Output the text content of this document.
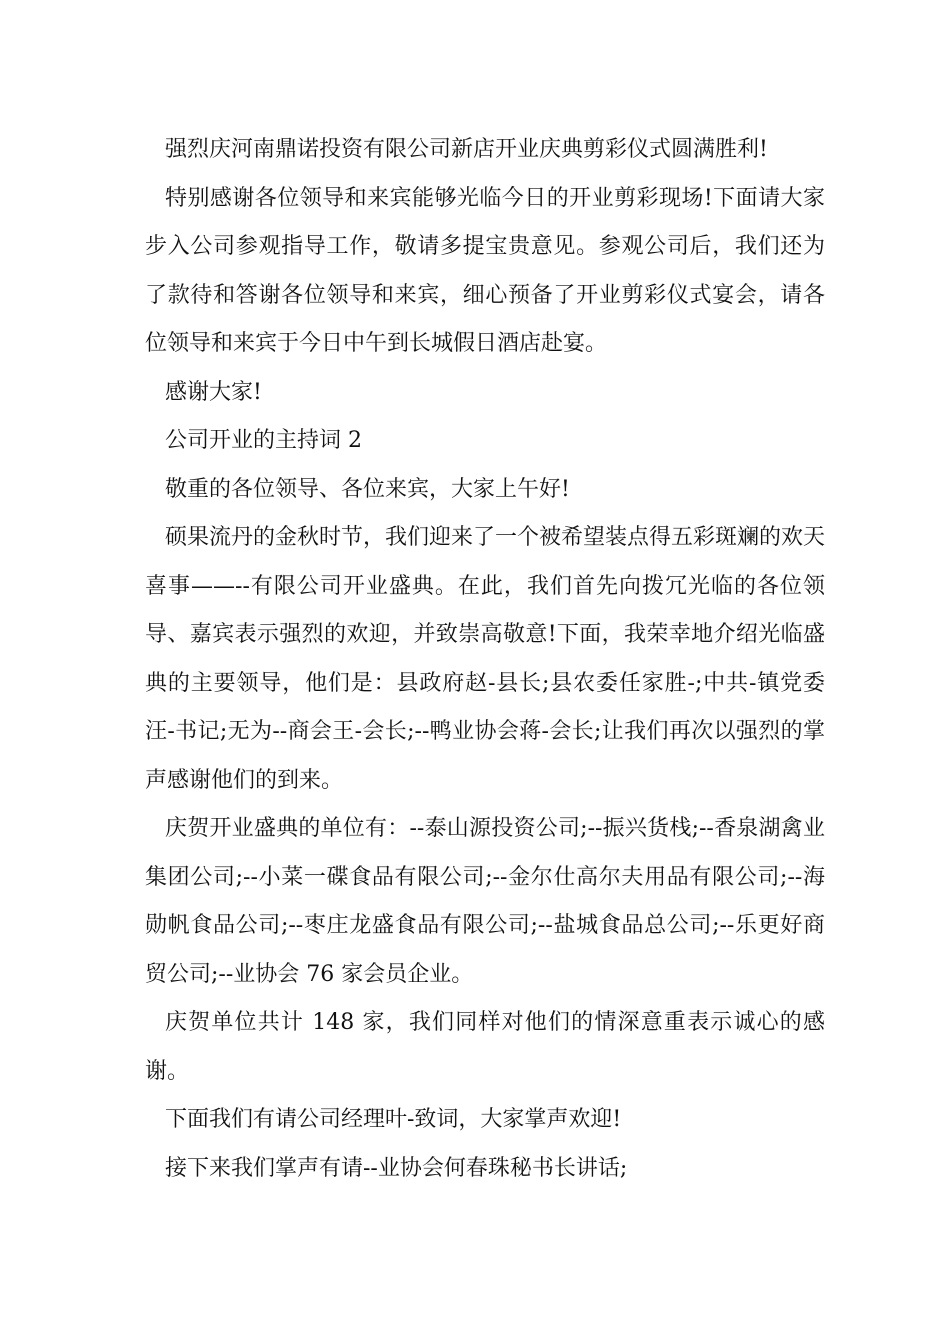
强烈庆河南鼎诺投资有限公司新店开业庆典剪彩仪式圆满胜利!

特别感谢各位领导和来宾能够光临今日的开业剪彩现场!下面请大家步入公司参观指导工作，敬请多提宝贵意见。参观公司后，我们还为了款待和答谢各位领导和来宾，细心预备了开业剪彩仪式宴会，请各位领导和来宾于今日中午到长城假日酒店赴宴。

感谢大家!

公司开业的主持词 2

敬重的各位领导、各位来宾，大家上午好!

硕果流丹的金秋时节，我们迎来了一个被希望装点得五彩斑斓的欢天喜事——--有限公司开业盛典。在此，我们首先向拨冗光临的各位领导、嘉宾表示强烈的欢迎，并致崇高敬意!下面，我荣幸地介绍光临盛典的主要领导，他们是：县政府赵-县长;县农委任家胜-;中共-镇党委汪-书记;无为--商会王-会长;--鸭业协会蒋-会长;让我们再次以强烈的掌声感谢他们的到来。

庆贺开业盛典的单位有：--泰山源投资公司;--振兴货栈;--香泉湖禽业集团公司;--小菜一碟食品有限公司;--金尔仕高尔夫用品有限公司;--海勋帆食品公司;--枣庄龙盛食品有限公司;--盐城食品总公司;--乐更好商贸公司;--业协会 76 家会员企业。

庆贺单位共计 148 家，我们同样对他们的情深意重表示诚心的感谢。

下面我们有请公司经理叶-致词，大家掌声欢迎!

接下来我们掌声有请--业协会何春珠秘书长讲话;
